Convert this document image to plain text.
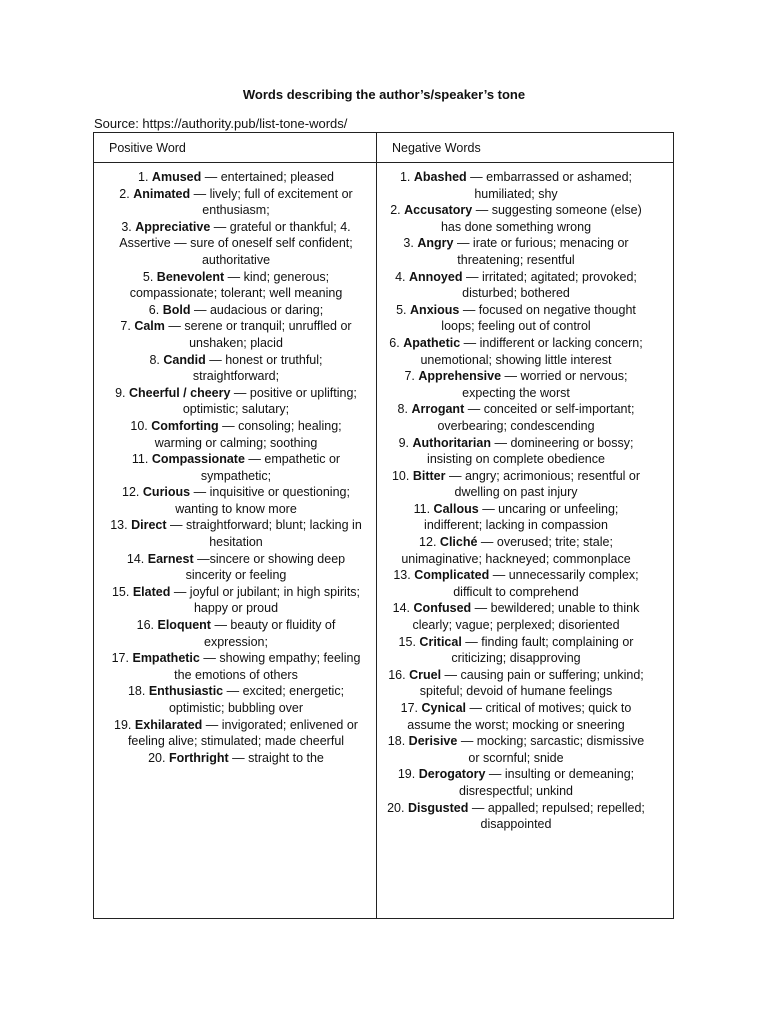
Words describing the author’s/speaker’s tone
Source: https://authority.pub/list-tone-words/
Positive Word	Negative Words
1. Amused — entertained; pleased
2. Animated — lively; full of excitement or enthusiasm;
3. Appreciative — grateful or thankful; 4. Assertive — sure of oneself self confident; authoritative
5. Benevolent — kind; generous; compassionate; tolerant; well meaning
6. Bold — audacious or daring;
7. Calm — serene or tranquil; unruffled or unshaken; placid
8. Candid — honest or truthful; straightforward;
9. Cheerful / cheery — positive or uplifting; optimistic; salutary;
10. Comforting — consoling; healing; warming or calming; soothing
11. Compassionate — empathetic or sympathetic;
12. Curious — inquisitive or questioning; wanting to know more
13. Direct — straightforward; blunt; lacking in hesitation
14. Earnest —sincere or showing deep sincerity or feeling
15. Elated — joyful or jubilant; in high spirits; happy or proud
16. Eloquent — beauty or fluidity of expression;
17. Empathetic — showing empathy; feeling the emotions of others
18. Enthusiastic — excited; energetic; optimistic; bubbling over
19. Exhilarated — invigorated; enlivened or feeling alive; stimulated; made cheerful
20. Forthright — straight to the
1. Abashed — embarrassed or ashamed; humiliated; shy
2. Accusatory — suggesting someone (else) has done something wrong
3. Angry — irate or furious; menacing or threatening; resentful
4. Annoyed — irritated; agitated; provoked; disturbed; bothered
5. Anxious — focused on negative thought loops; feeling out of control
6. Apathetic — indifferent or lacking concern; unemotional; showing little interest
7. Apprehensive — worried or nervous; expecting the worst
8. Arrogant — conceited or self-important; overbearing; condescending
9. Authoritarian — domineering or bossy; insisting on complete obedience
10. Bitter — angry; acrimonious; resentful or dwelling on past injury
11. Callous — uncaring or unfeeling; indifferent; lacking in compassion
12. Cliché — overused; trite; stale; unimaginative; hackneyed; commonplace
13. Complicated — unnecessarily complex; difficult to comprehend
14. Confused — bewildered; unable to think clearly; vague; perplexed; disoriented
15. Critical — finding fault; complaining or criticizing; disapproving
16. Cruel — causing pain or suffering; unkind; spiteful; devoid of humane feelings
17. Cynical — critical of motives; quick to assume the worst; mocking or sneering
18. Derisive — mocking; sarcastic; dismissive or scornful; snide
19. Derogatory — insulting or demeaning; disrespectful; unkind
20. Disgusted — appalled; repulsed; repelled; disappointed
